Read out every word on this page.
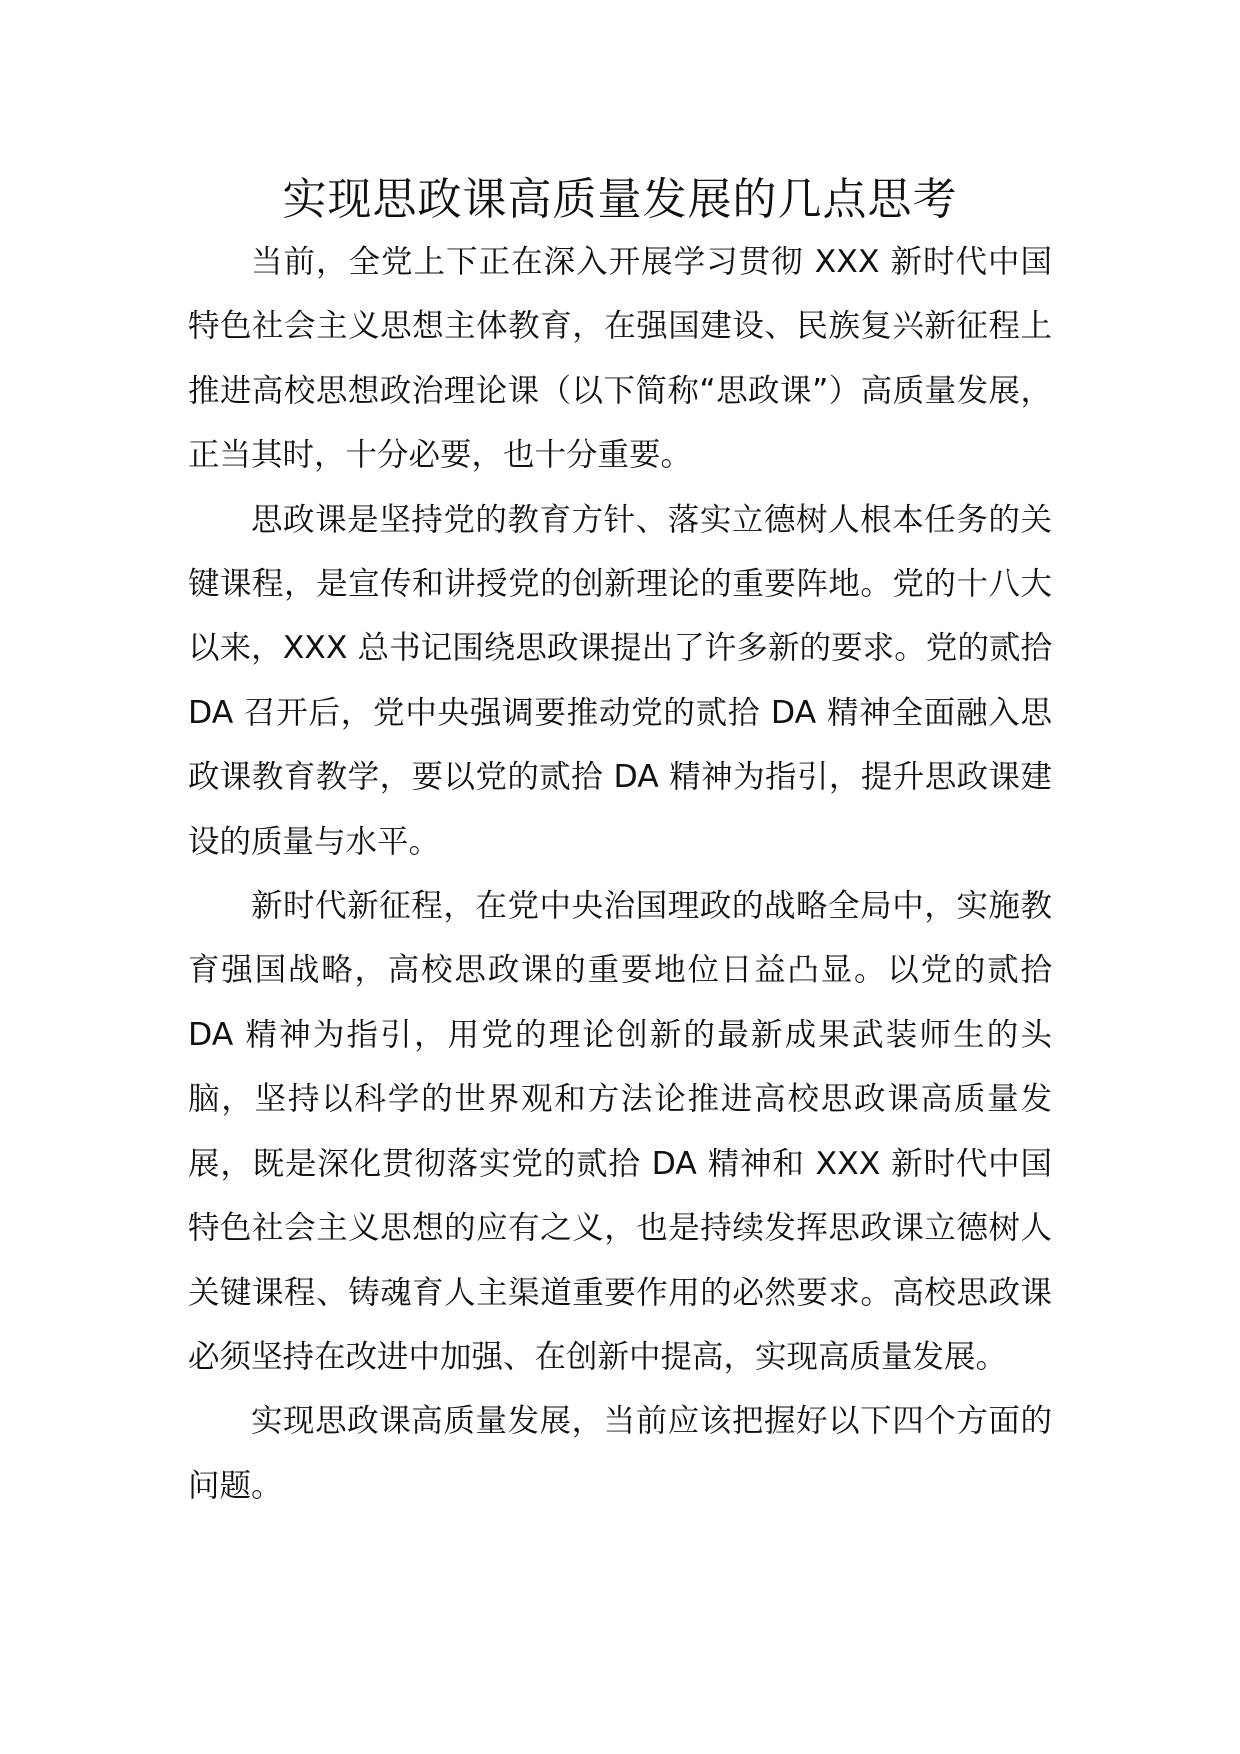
实现思政课高质量发展的几点思考

当前，全党上下正在深入开展学习贯彻 XXX 新时代中国特色社会主义思想主体教育，在强国建设、民族复兴新征程上推进高校思想政治理论课（以下简称“思政课”）高质量发展，正当其时，十分必要，也十分重要。

思政课是坚持党的教育方针、落实立德树人根本任务的关键课程，是宣传和讲授党的创新理论的重要阵地。党的十八大以来，XXX 总书记围绕思政课提出了许多新的要求。党的贰拾 DA 召开后，党中央强调要推动党的贰拾 DA 精神全面融入思政课教育教学，要以党的贰拾 DA 精神为指引，提升思政课建设的质量与水平。

新时代新征程，在党中央治国理政的战略全局中，实施教育强国战略，高校思政课的重要地位日益凸显。以党的贰拾 DA 精神为指引，用党的理论创新的最新成果武装师生的头脑，坚持以科学的世界观和方法论推进高校思政课高质量发展，既是深化贯彻落实党的贰拾 DA 精神和 XXX 新时代中国特色社会主义思想的应有之义，也是持续发挥思政课立德树人关键课程、铸魂育人主渠道重要作用的必然要求。高校思政课必须坚持在改进中加强、在创新中提高，实现高质量发展。

实现思政课高质量发展，当前应该把握好以下四个方面的问题。
